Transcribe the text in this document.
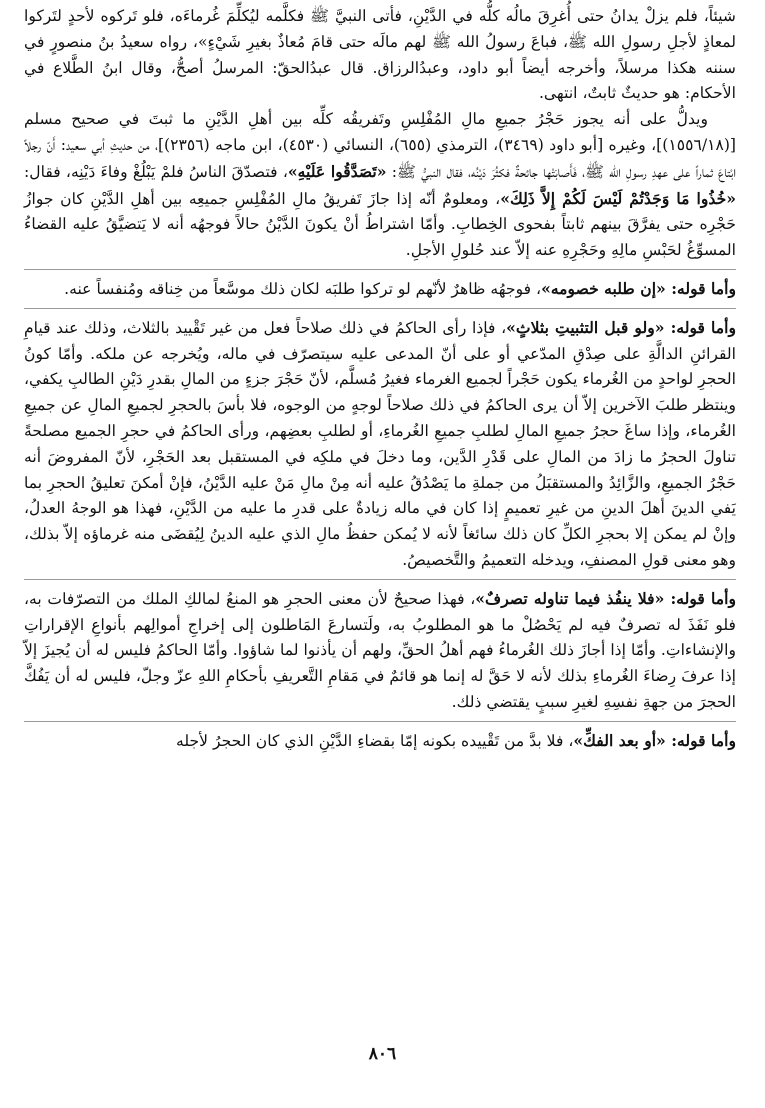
شيئاً، فلم يزلْ يدانُ حتى أُغرِقَ مالُه كلُّه في الدَّيْنِ، فأتى النبيَّ ﷺ فكلَّمه ليُكلِّمَ غُرماءَه، فلو تَركوه لأحدٍ لتَركوا لمعاذٍ لأجلِ رسولِ الله ﷺ، فباعَ رسولُ الله ﷺ لهم مالَه حتى قامَ مُعاذٌ بغيرِ شَيْءٍ»، رواه سعيدُ بنُ منصورٍ في سننه هكذا مرسلاً، وأخرجه أيضاً أبو داود، وعبدُالرزاق. قال عبدُالحقّ: المرسلُ أصحُّ، وقال ابنُ الطَّلاع في الأحكام: هو حديثٌ ثابتٌ، انتهى.

ويدلُّ على أنه يجوز حَجْرُ جميعِ مالِ المُفْلِسِ وتَفريقُه كلِّه بين أهلِ الدَّيْنِ ما ثبتَ في صحيح مسلم [(١٥٥٦/١٨)]، وغيره [أبو داود (٣٤٦٩)، الترمذي (٦٥٥)، النسائي (٤٥٣٠)، ابن ماجه (٢٣٥٦)]، من حديثِ أبي سعيد: أَنّ رجلاً ابْتاعَ ثماراً على عهدِ رسولِ الله ﷺ، فَأَصابَتْها جائحةٌ فكثُرَ دَيْنُه، فقال النبيُّ ﷺ: «تَصَدَّقُوا عَلَيْهِ»، فتصدّقَ الناسُ فلمْ يَبْلُغْ وفاءَ دَيْنِه، فقال: «خُذُوا مَا وَجَدْتُمْ لَيْسَ لَكُمْ إِلاَّ ذَلِكَ»، ومعلومٌ أنّه إذا جازَ تَفريقُ مالِ المُفْلِسِ جميعِه بين أهلِ الدَّيْنِ كان جوازُ حَجْرِه حتى يفرَّقَ بينهم ثابتاً بفحوى الخِطابِ. وأمّا اشتراطُ أنْ يكونَ الدَّيْنُ حالاً فوجهُه أنه لا يَتضيَّقُ عليه القضاءُ المسوِّغُ لحَبْسِ مالِهِ وحَجْرِهِ عنه إلاّ عند حُلولِ الأجلِ.

وأما قوله: «إن طلبه خصومه»، فوجهُه ظاهرٌ لأنّهم لو تركوا طلبَه لكان ذلك موسَّعاً من خِناقه ومُنفساً عنه.

وأما قوله: «ولو قبل التثبيتِ بثلاثٍ»، فإذا رأى الحاكمُ في ذلك صلاحاً فعل من غير تَقْييد بالثلاث، وذلك عند قيامِ القرائنِ الدالَّةِ على صِدْقِ المدّعي أو على أنّ المدعى عليه سيتصرّف في ماله، ويُخرجه عن ملكه. وأمّا كونُ الحجرِ لواحدٍ من الغُرماء يكون حَجْراً لجميع الغرماء فغيرُ مُسلَّم، لأنّ حَجْرَ جزءٍ من المالِ بقدرِ دَيْنِ الطالبِ يكفي، وينتظر طلبَ الآخرين إلاّ أن يرى الحاكمُ في ذلك صلاحاً لوجهٍ من الوجوه، فلا بأسَ بالحجرِ لجميعِ المالِ عن جميعِ الغُرماء، وإذا ساغَ حجرُ جميعِ المالِ لطلبِ جميعِ الغُرماءِ، أو لطلبِ بعضِهم، ورأى الحاكمُ في حجرِ الجميع مصلحةً تناولَ الحجرُ ما زادَ من المالِ على قَدْرِ الدَّين، وما دخلَ في ملكِه في المستقبل بعد الحَجْرِ، لأنّ المفروضَ أنه حَجْرُ الجميعِ، والزَّائِدُ والمستقبَلُ من جملةِ ما يَصْدُقُ عليه أنه مِنْ مالِ مَنْ عليه الدَّيْنُ، فإنْ أمكنَ تعليقُ الحجرِ بما يَفي الدينَ أهلَ الدينِ من غيرِ تعميمٍ إذا كان في ماله زيادةٌ على قدرِ ما عليه من الدَّيْنِ، فهذا هو الوجهُ العدلُ، وإنْ لم يمكن إلا بحجرِ الكلِّ كان ذلك سائغاً لأنه لا يُمكن حفظُ مالِ الذي عليه الدينُ لِيُقضَى منه غرماؤه إلاّ بذلك، وهو معنى قولِ المصنفِ، ويدخله التعميمُ والتَّخصيصُ.

وأما قوله: «فلا ينفُذ فيما تناوله تصرفٌ»، فهذا صحيحٌ لأن معنى الحجرِ هو المنعُ لمالكِ الملك من التصرّفات به، فلو نَفَذَ له تصرفٌ فيه لم يَحْصُلْ ما هو المطلوبُ به، ولَتسارعَ المَاطلون إلى إخراجِ أموالِهم بأنواعِ الإقراراتِ والإنشاءاتِ. وأمّا إذا أجازَ ذلك الغُرماءُ فهم أهلُ الحقِّ، ولهم أن يأذنوا لما شاؤوا. وأمّا الحاكمُ فليس له أن يُجيزَ إلاّ إذا عرفَ رِضاءَ الغُرماءِ بذلك لأنه لا حَقَّ له إنما هو قائمٌ في مَقامِ التَّعريفِ بأحكامِ اللهِ عزّ وجلّ، فليس له أن يَفُكَّ الحجرَ من جهةِ نفسِهِ لغيرِ سببٍ يقتضي ذلك.

وأما قوله: «أو بعد الفكِّ»، فلا بدَّ من تَقْييده بكونه إمّا بقضاءِ الدَّيْنِ الذي كان الحجرُ لأجله

٨٠٦
